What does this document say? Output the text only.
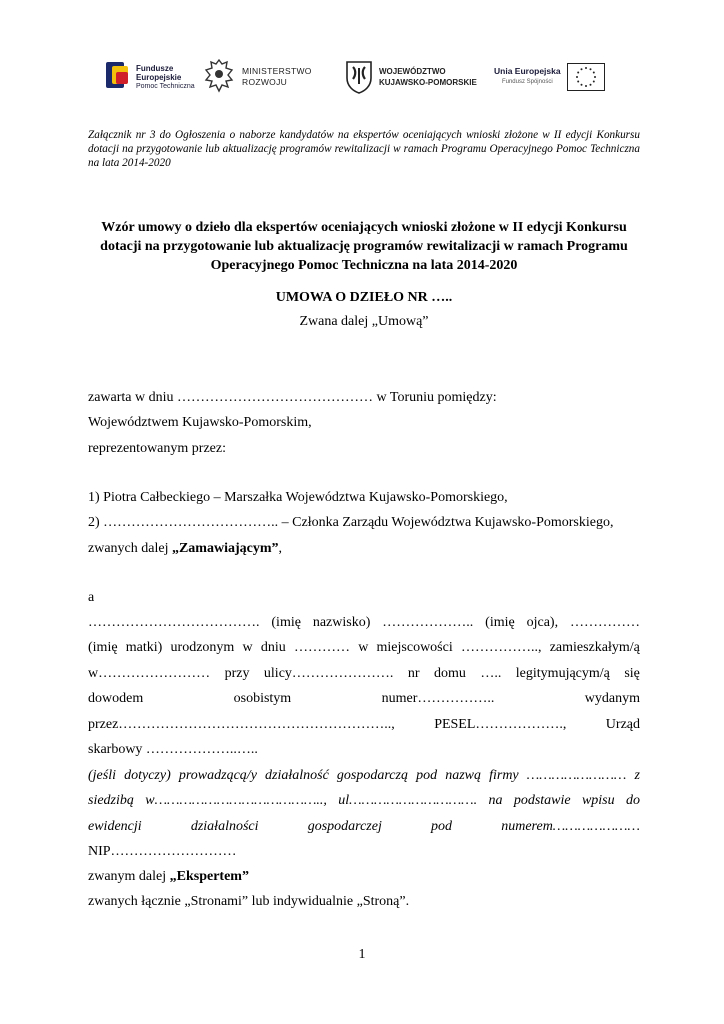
Fundusze
Europejskie
Pomoc Techniczna
MINISTERSTWO
ROZWOJU
WOJEWÓDZTWO
KUJAWSKO-POMORSKIE
Unia Europejska
Fundusz Spójności
Załącznik nr 3 do Ogłoszenia o naborze kandydatów na ekspertów oceniających wnioski złożone w II edycji Konkursu dotacji na przygotowanie lub aktualizację programów rewitalizacji w ramach Programu Operacyjnego Pomoc Techniczna na lata 2014-2020
Wzór umowy o dzieło dla ekspertów oceniających wnioski złożone w II edycji Konkursu dotacji na przygotowanie lub aktualizację programów rewitalizacji w ramach Programu Operacyjnego Pomoc Techniczna na lata 2014-2020
UMOWA O DZIEŁO NR …..
Zwana dalej „Umową”
zawarta w dniu …………………………………… w Toruniu pomiędzy:
Województwem Kujawsko-Pomorskim,
reprezentowanym przez:
1) Piotra Całbeckiego – Marszałka Województwa Kujawsko-Pomorskiego,
2) ……………………………….. – Członka Zarządu Województwa Kujawsko-Pomorskiego,
zwanych dalej „Zamawiającym”,
a
………………………………. (imię nazwisko) ……………….. (imię ojca), ……………
(imię matki) urodzonym w dniu ………… w miejscowości …………….., zamieszkałym/ą
w…………………… przy ulicy…………………. nr domu ….. legitymującym/ą się
dowodem	osobistym	numer……………..	wydanym
przez…………………………………………………..,	PESEL……………….,	Urząd
skarbowy ………………..…..
(jeśli dotyczy) prowadzącą/y działalność gospodarczą pod nazwą firmy …………………… z
siedzibą w………………………………….., ul…………………………. na podstawie wpisu do
ewidencji	działalności	gospodarczej	pod	numerem…………………
NIP………………………
zwanym dalej „Ekspertem”
zwanych łącznie „Stronami” lub indywidualnie „Stroną”.
1
